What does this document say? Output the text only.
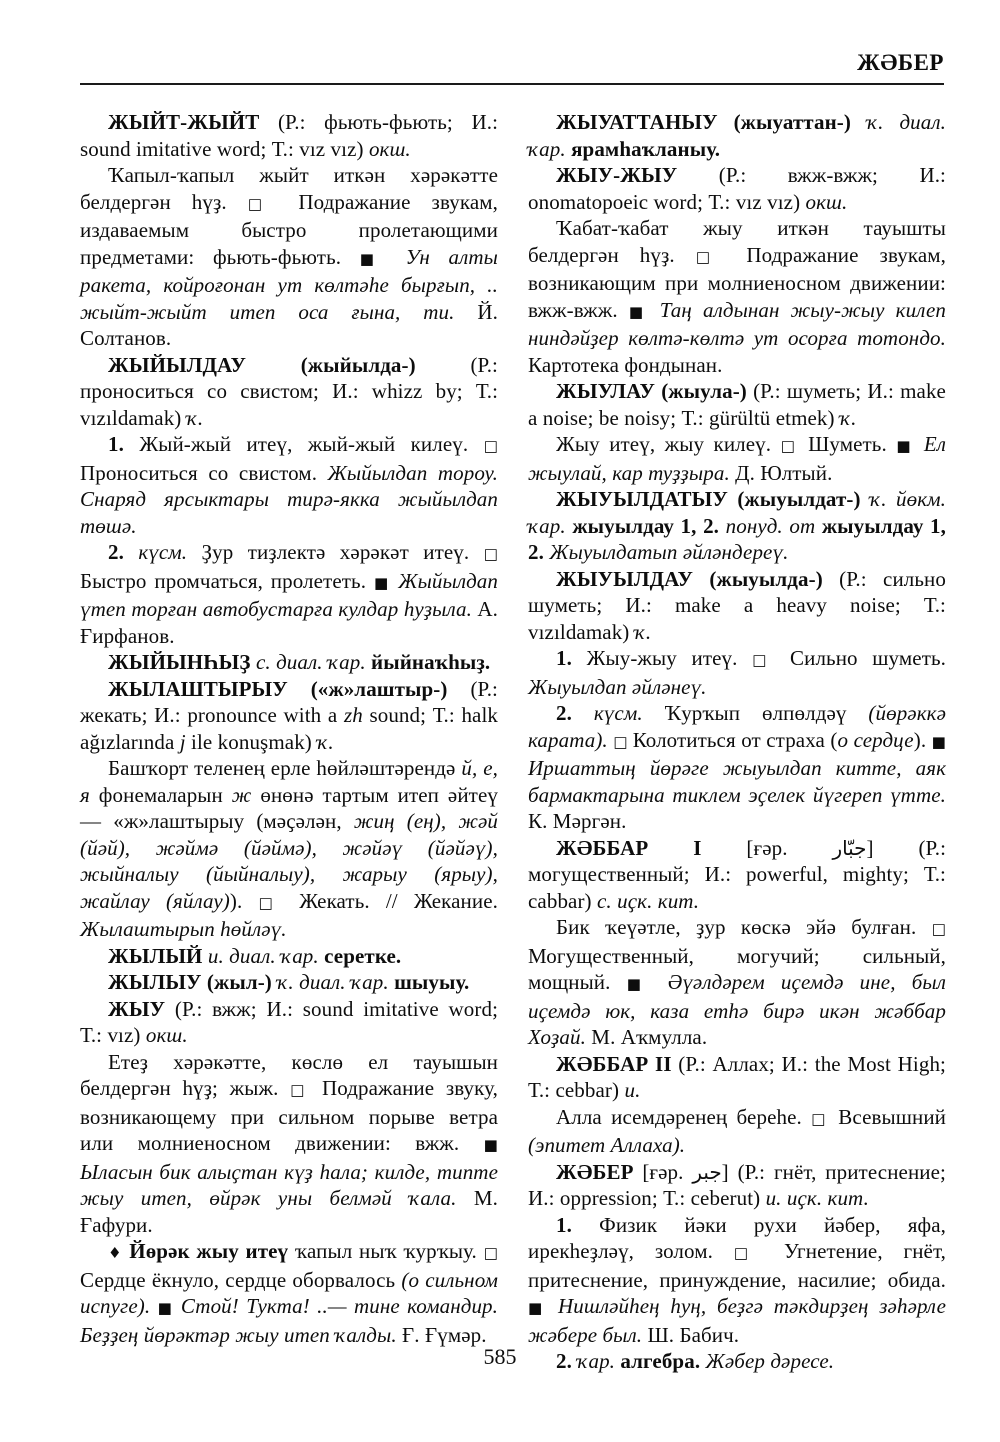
ЖӘБЕР

ЖЫЙТ-ЖЫЙТ (Р.: фьють-фьють; И.: sound imitative word; Т.: vız vız) окш.

Ҡапыл-ҡапыл жыйт иткән хәрәкәтте белдергән һүҙ. □ Подражание звукам, издаваемым быстро пролетающими предметами: фьють-фьють. ■ Ун алты ракета, койроғонан ут көлтәһе бырғып, .. жыйт-жыйт итеп оса ғына, ти. Й. Солтанов.

ЖЫЙЫЛДАУ (жыйылда-) (Р.: проноситься со свистом; И.: whizz by; Т.: vızıldamak) ҡ.

1. Жый-жый итеү, жый-жый килеү. □ Проноситься со свистом. Жыйылдап тороу. Снаряд ярсыктары тирә-якка жыйылдап төшә.

2. күсм. Ҙур тиҙлектә хәрәкәт итеү. □ Быстро промчаться, пролететь. ■ Жыйылдап үтеп торған автобустарға кулдар һуҙыла. А. Ғирфанов.

ЖЫЙЫНҺЫҘ с. диал. ҡар. йыйнаҡһыҙ.

ЖЫЛАШТЫРЫУ («ж»лаштыр-) (Р.: жекать; И.: pronounce with a zh sound; Т.: halk ağızlarında j ile konuşmak) ҡ.

Башҡорт теленең ерле һөйләштәрендә й, е, я фонемаларын ж өнөнә тартым итеп әйтеү — «ж»лаштырыу (мәҫәлән, жиң (ең), жәй (йәй), жәймә (йәймә), жәйәү (йәйәү), жыйналыу (йыйналыу), жарыу (ярыу), жайлау (яйлау)). □ Жекать. // Жекание. Жылаштырып һөйләү.

ЖЫЛЫЙ и. диал. ҡар. серетке.

ЖЫЛЫУ (жыл-) ҡ. диал. ҡар. шыуыу.

ЖЫУ (Р.: вжж; И.: sound imitative word; Т.: vız) окш.

Етеҙ хәрәкәтте, көслө ел тауышын белдергән һүҙ; жыж. □ Подражание звуку, возникающему при сильном порыве ветра или молниеносном движении: вжж. ■ Ыласын бик алыҫтан күҙ һала; килде, типте жыу итеп, өйрәк уны белмәй ҡала. М. Ғафури.

♦ Йөрәк жыу итеү ҡапыл ныҡ ҡурҡыу. □ Сердце ёкнуло, сердце оборвалось (о сильном испуге). ■ Стой! Тукта! ..— тине командир. Беҙҙең йөрәктәр жыу итеп ҡалды. Ғ. Ғүмәр.

ЖЫУАТТАНЫУ (жыуаттан-) ҡ. диал. ҡар. ярамһаҡланыу.

ЖЫУ-ЖЫУ (Р.: вжж-вжж; И.: onomatopoeic word; Т.: vız vız) окш.

Ҡабат-ҡабат жыу иткән тауышты белдергән һүҙ. □ Подражание звукам, возникающим при молниеносном движении: вжж-вжж. ■ Таң алдынан жыу-жыу килеп ниндәйҙер көлтә-көлтә ут осорға тотондо. Картотека фондынан.

ЖЫУЛАУ (жыула-) (Р.: шуметь; И.: make a noise; be noisy; Т.: gürültü etmek) ҡ.

Жыу итеү, жыу килеү. □ Шуметь. ■ Ел жыулай, кар туҙҙыра. Д. Юлтый.

ЖЫУЫЛДАТЫУ (жыуылдат-) ҡ. йөкм. ҡар. жыуылдау 1, 2. понуд. от жыуылдау 1, 2. Жыуылдатып әйләндереү.

ЖЫУЫЛДАУ (жыуылда-) (Р.: сильно шуметь; И.: make a heavy noise; Т.: vızıldamak) ҡ.

1. Жыу-жыу итеү. □ Сильно шуметь. Жыуылдап әйләнеү.

2. күсм. Ҡурҡып өлпөлдәү (йөрәккә карата). □ Колотиться от страха (о сердце). ■ Иршаттың йөрәге жыуылдап китте, аяк бармактарына тиклем эҫелек йүгереп үтте. К. Мәргән.

ЖӘББАР I [ғәр. جبّار] (Р.: могущественный; И.: powerful, mighty; Т.: cabbar) с. иҫк. кит.

Бик ҡеүәтле, ҙур көскә эйә булған. □ Могущественный, могучий; сильный, мощный. ■ Әүәлдәрем иҫемдә ине, был иҫемдә юк, каза етһә бирә икән жәббар Хоҙай. М. Аҡмулла.

ЖӘББАР II (Р.: Аллах; И.: the Most High; Т.: cebbar) и.

Алла исемдәренең береһе. □ Всевышний (эпитет Аллаха).

ЖӘБЕР [ғәр. جبر] (Р.: гнёт, притеснение; И.: oppression; Т.: ceberut) и. иҫк. кит.

1. Физик йәки рухи йәбер, яфа, ирекһеҙләү, золом. □ Угнетение, гнёт, притеснение, принуждение, насилие; обида. ■ Нишләйһең һуң, беҙгә тәкдирҙең зәһәрле жәбере был. Ш. Бабич.

2. ҡар. алгебра. Жәбер дәресе.

585
